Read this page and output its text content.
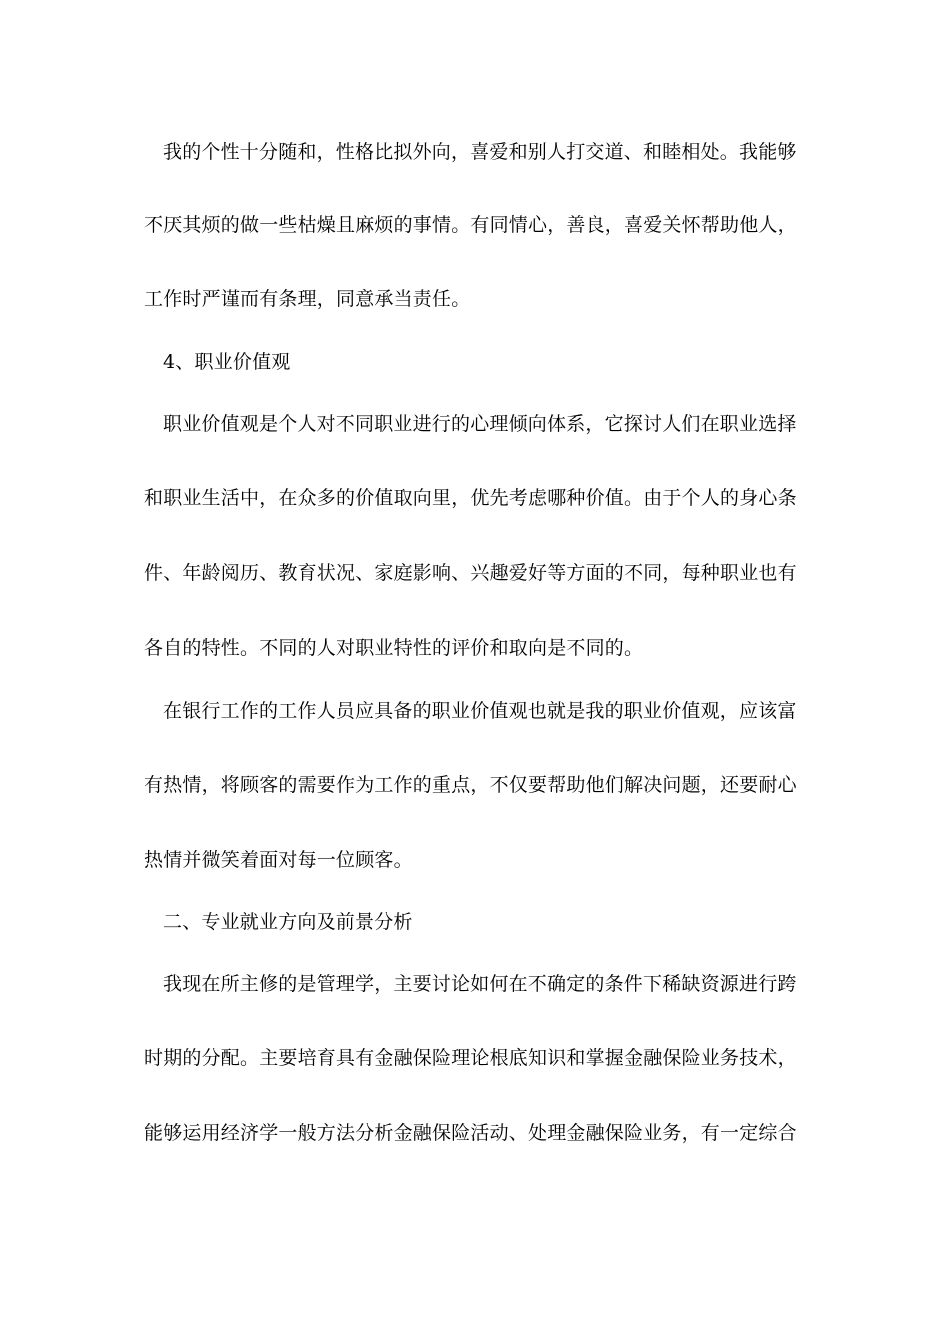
我的个性十分随和，性格比拟外向，喜爱和别人打交道、和睦相处。我能够
不厌其烦的做一些枯燥且麻烦的事情。有同情心，善良，喜爱关怀帮助他人，
工作时严谨而有条理，同意承当责任。
4、职业价值观
职业价值观是个人对不同职业进行的心理倾向体系，它探讨人们在职业选择
和职业生活中，在众多的价值取向里，优先考虑哪种价值。由于个人的身心条
件、年龄阅历、教育状况、家庭影响、兴趣爱好等方面的不同，每种职业也有
各自的特性。不同的人对职业特性的评价和取向是不同的。
在银行工作的工作人员应具备的职业价值观也就是我的职业价值观，应该富
有热情，将顾客的需要作为工作的重点，不仅要帮助他们解决问题，还要耐心
热情并微笑着面对每一位顾客。
二、专业就业方向及前景分析
我现在所主修的是管理学，主要讨论如何在不确定的条件下稀缺资源进行跨
时期的分配。主要培育具有金融保险理论根底知识和掌握金融保险业务技术，
能够运用经济学一般方法分析金融保险活动、处理金融保险业务，有一定综合
